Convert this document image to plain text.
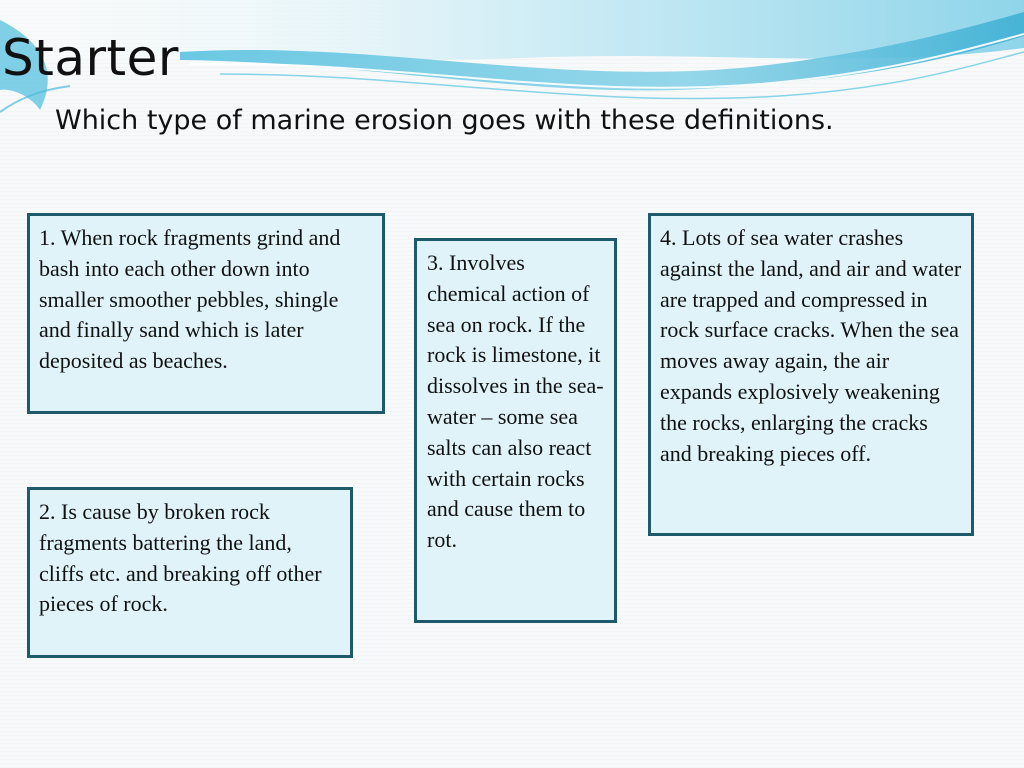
Starter
Which type of marine erosion goes with these definitions.
1. When rock fragments grind and bash into each other down into smaller smoother pebbles, shingle and finally sand which is later deposited as beaches.
2. Is cause by broken rock fragments battering the land, cliffs etc. and breaking off other pieces of rock.
3. Involves chemical action of sea on rock. If the rock is limestone, it dissolves in the sea-water – some sea salts can also react with certain rocks and cause them to rot.
4. Lots of sea water crashes against the land, and air and water are trapped and compressed in rock surface cracks. When the sea moves away again, the air expands explosively weakening the rocks, enlarging the cracks and breaking pieces off.
